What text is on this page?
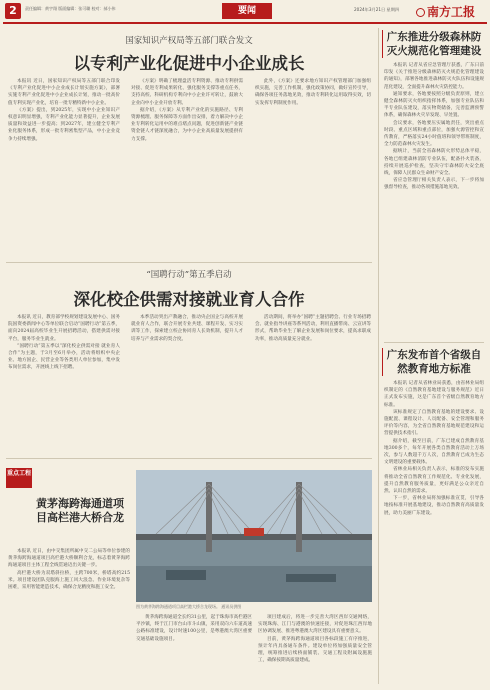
2	责任编辑：黄宇翔 版面编辑：张可璐 校对：郝小伟	要闻	2024年3月21日 星期四	南方工报
国家知识产权局等五部门联合发文
以专利产业化促进中小企业成长

本报讯 近日，国家知识产权局等五部门联合印发《专利产业化促进中小企业成长计划实施方案》，部署实施专利产业化促进中小企业成长计划，推动一批高价值专利实现产业化，培育一批专精特新中小企业。

《方案》提出，到2025年，实现中小企业知识产权意识明显增强，专利产业化能力显著提升，企业发展质量和效益进一步提高；到2027年，建立健全专利产业化服务体系，形成一批专利密集型产品，中小企业竞争力持续增强。

《方案》明确了梳理盘活专利资源、推动专利供需对接、促进专利成果转化、强化服务支撑等重点任务，支持高校、科研机构专利向中小企业许可转让，鼓励大企业向中小企业开放专利。

据介绍，《方案》从专利产业化的实施路径、专利资源梳理、服务保障等方面作出安排，着力解决中小企业专利转化运用中的难点堵点问题，促进创新链产业链资金链人才链深度融合，为中小企业高质量发展提供有力支撑。

此外，《方案》还要求地方知识产权管理部门加强组织实施，完善工作机制，强化政策协同，做好宣传引导，确保各项任务落地见效，推动专利转化运用取得实效，切实发挥专利制度作用。

“国聘行动”第五季启动
深化校企供需对接就业育人合作

本报讯 近日，教育部学校规划建设发展中心、国务院国资委新闻中心等单位联合启动“国聘行动”第五季，面向2024届高校毕业生开展招聘活动，搭建供需对接平台，服务毕业生就业。

“国聘行动”第五季以“深化校企供需对接 就业育人合作”为主题，于3月至6月举办，活动将组织中央企业、地方国企、民营企业等各类用人单位参加，集中发布岗位需求，开展线上线下招聘。

本季活动突出产教融合，推动央企国企与高校开展就业育人合作，联合开展专业共建、课程开发、实习实训等工作，探索建立校企协同育人长效机制，提升人才培养与产业需求的契合度。

活动期间，将举办“国聘”主题招聘会、行业专场招聘会、就业指导讲座等系列活动，利用直播带岗、云宣讲等形式，帮助毕业生了解企业发展和岗位要求，提高求职成功率，推动高质量充分就业。

重点工程
黄茅海跨海通道项目高栏港大桥合龙

本报讯 近日，由中交集团所属中交二公局等单位参建的黄茅海跨海通道项目高栏港大桥顺利合龙，标志着黄茅海跨海通道项目主体工程全线贯通迈出关键一步。

高栏港大桥为双塔斜拉桥，主跨700米，桥塔高约215米。项目建设团队克服海上施工风大浪急、作业环境复杂等困难，采用智能建造技术，确保合龙精度和施工安全。

图为黄茅海跨海通道项目高栏港大桥合龙现场。 通讯员供图

黄茅海跨海通道全长约31公里，起于珠海市高栏港区平沙镇，终于江门市台山市斗山镇，采用双向六车道高速公路标准建设，设计时速100公里，是粤港澳大湾区重要交通基础设施项目。

项目建成后，将进一步完善大湾区西岸交通网络，实现珠海、江门与港澳的快速连接，对促进珠江西岸地区协调发展、推进粤港澳大湾区建设具有重要意义。

目前，黄茅海跨海通道项目各标段施工有序推进，预计年内具备通车条件。建设单位将加强质量安全管理，统筹推进后续桥面铺装、交通工程及附属设施施工，确保按期高质量建成。

广东推进分级森林防灭火规范化管理建设

本报讯 记者从省应急管理厅获悉，广东日前印发《关于推进分级森林防灭火规范化管理建设的通知》，部署各地推进森林防灭火队伍和设施规范化建设，全面提升森林火灾防控能力。

通知要求，各地要按照分级负责原则，建立健全森林防灭火组织指挥体系，加强专业队伍和半专业队伍建设，落实物资储备，完善监测预警体系，确保森林火灾早发现、早处置。

会议要求，各地要压实属地责任，突出重点时段、重点区域和重点部位，加强火源管控和宣传教育，严格落实24小时值班和领导带班制度，全力防范森林火灾发生。

据统计，当前全省森林防火形势总体平稳，各地已组建森林消防专业队伍，配备扑火装备，持续开展巡护检查，坚决守牢森林防火安全底线，保障人民群众生命财产安全。

省应急管理厅相关负责人表示，下一步将加强督导检查，推动各项措施落地见效。

广东发布首个省级自然教育地方标准

本报讯 记者从省林业局获悉，由省林业局组织制定的《自然教育基地建设与服务规范》近日正式发布实施，这是广东首个省级自然教育地方标准。

该标准规定了自然教育基地的建设要求、设施配置、课程设计、人员配备、安全管理和服务评价等内容，为全省自然教育基地规范建设和运营提供技术指引。

据介绍，截至目前，广东已建成自然教育基地300多个，每年开展各类自然教育活动上万场次，参与人数超千万人次，自然教育已成为生态文明建设的重要载体。

省林业局相关负责人表示，标准的发布实施将推动全省自然教育工作规范化、专业化发展，提升自然教育服务质量，更好满足公众亲近自然、认识自然的需求。

下一步，省林业局将加强标准宣贯，引导各地按标准开展基地建设，推动自然教育高质量发展，助力美丽广东建设。
